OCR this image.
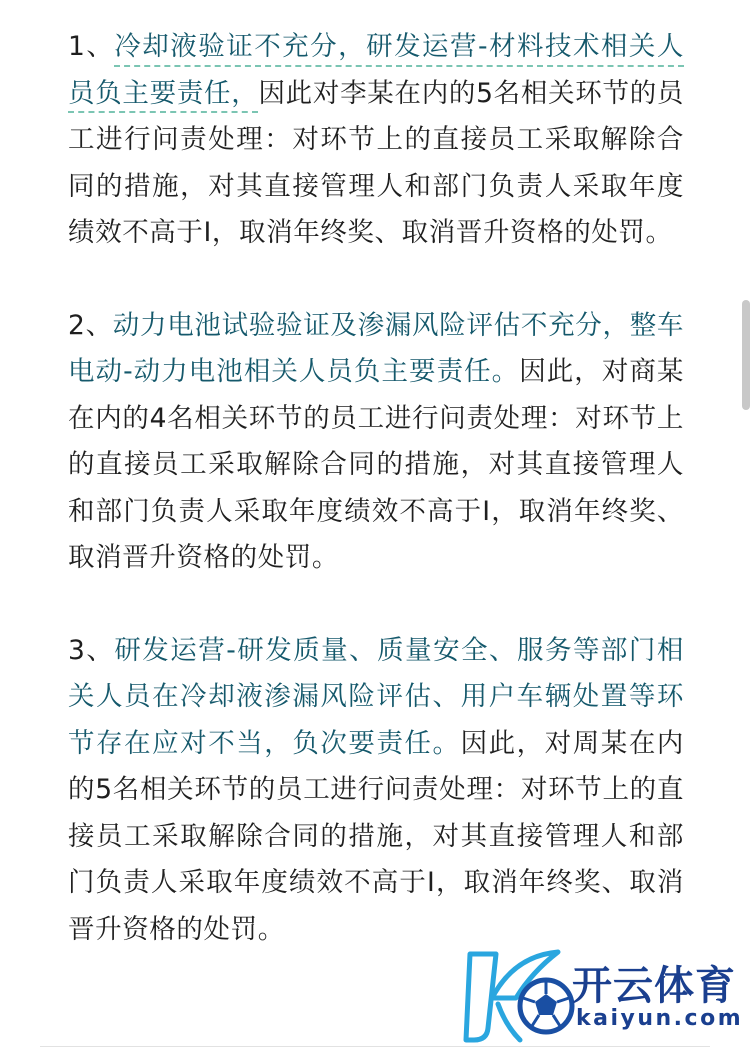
1、冷却液验证不充分，研发运营-材料技术相关人员负主要责任，因此对李某在内的5名相关环节的员工进行问责处理：对环节上的直接员工采取解除合同的措施，对其直接管理人和部门负责人采取年度绩效不高于I，取消年终奖、取消晋升资格的处罚。

2、动力电池试验验证及渗漏风险评估不充分，整车电动-动力电池相关人员负主要责任。因此，对商某在内的4名相关环节的员工进行问责处理：对环节上的直接员工采取解除合同的措施，对其直接管理人和部门负责人采取年度绩效不高于I，取消年终奖、取消晋升资格的处罚。

3、研发运营-研发质量、质量安全、服务等部门相关人员在冷却液渗漏风险评估、用户车辆处置等环节存在应对不当，负次要责任。因此，对周某在内的5名相关环节的员工进行问责处理：对环节上的直接员工采取解除合同的措施，对其直接管理人和部门负责人采取年度绩效不高于I，取消年终奖、取消晋升资格的处罚。

开云体育
kaiyun.com
